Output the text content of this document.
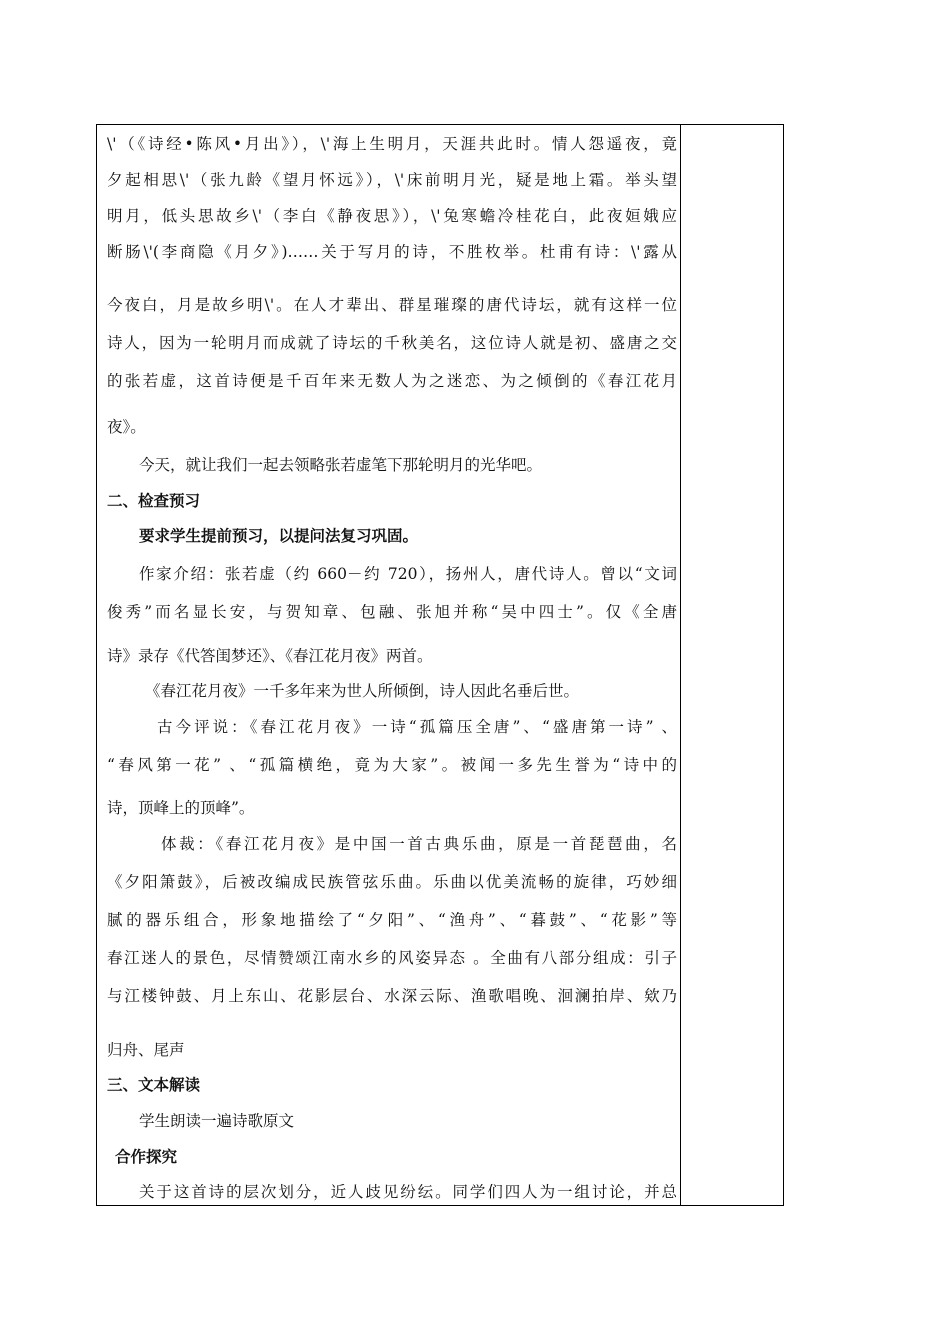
\'（《诗经•陈风•月出》），\'海上生明月，天涯共此时。情人怨遥夜，竟
夕起相思\'（张九龄《望月怀远》），\'床前明月光，疑是地上霜。举头望
明月，低头思故乡\'（李白《静夜思》），\'兔寒蟾冷桂花白，此夜姮娥应
断肠\'(李商隐《月夕》)……关于写月的诗，不胜枚举。杜甫有诗：\'露从
今夜白，月是故乡明\'。在人才辈出、群星璀璨的唐代诗坛，就有这样一位
诗人，因为一轮明月而成就了诗坛的千秋美名，这位诗人就是初、盛唐之交
的张若虚，这首诗便是千百年来无数人为之迷恋、为之倾倒的《春江花月
夜》。
今天，就让我们一起去领略张若虚笔下那轮明月的光华吧。
二、检查预习
要求学生提前预习，以提问法复习巩固。
作家介绍：张若虚（约 660－约 720），扬州人，唐代诗人。曾以“文词
俊秀”而名显长安，与贺知章、包融、张旭并称“吴中四士”。仅《全唐
诗》录存《代答闺梦还》、《春江花月夜》两首。
《春江花月夜》一千多年来为世人所倾倒，诗人因此名垂后世。
古今评说：《春江花月夜》一诗“孤篇压全唐”、“盛唐第一诗” 、
“春风第一花” 、“孤篇横绝，竟为大家”。被闻一多先生誉为“诗中的
诗，顶峰上的顶峰”。
体裁：《春江花月夜》是中国一首古典乐曲，原是一首琵琶曲，名
《夕阳箫鼓》，后被改编成民族管弦乐曲。乐曲以优美流畅的旋律，巧妙细
腻的器乐组合，形象地描绘了“夕阳”、“渔舟”、“暮鼓”、“花影”等
春江迷人的景色，尽情赞颂江南水乡的风姿异态 。全曲有八部分组成：引子
与江楼钟鼓、月上东山、花影层台、水深云际、渔歌唱晚、洄澜拍岸、欸乃
归舟、尾声
三、文本解读
学生朗读一遍诗歌原文
合作探究
关于这首诗的层次划分，近人歧见纷纭。同学们四人为一组讨论，并总
